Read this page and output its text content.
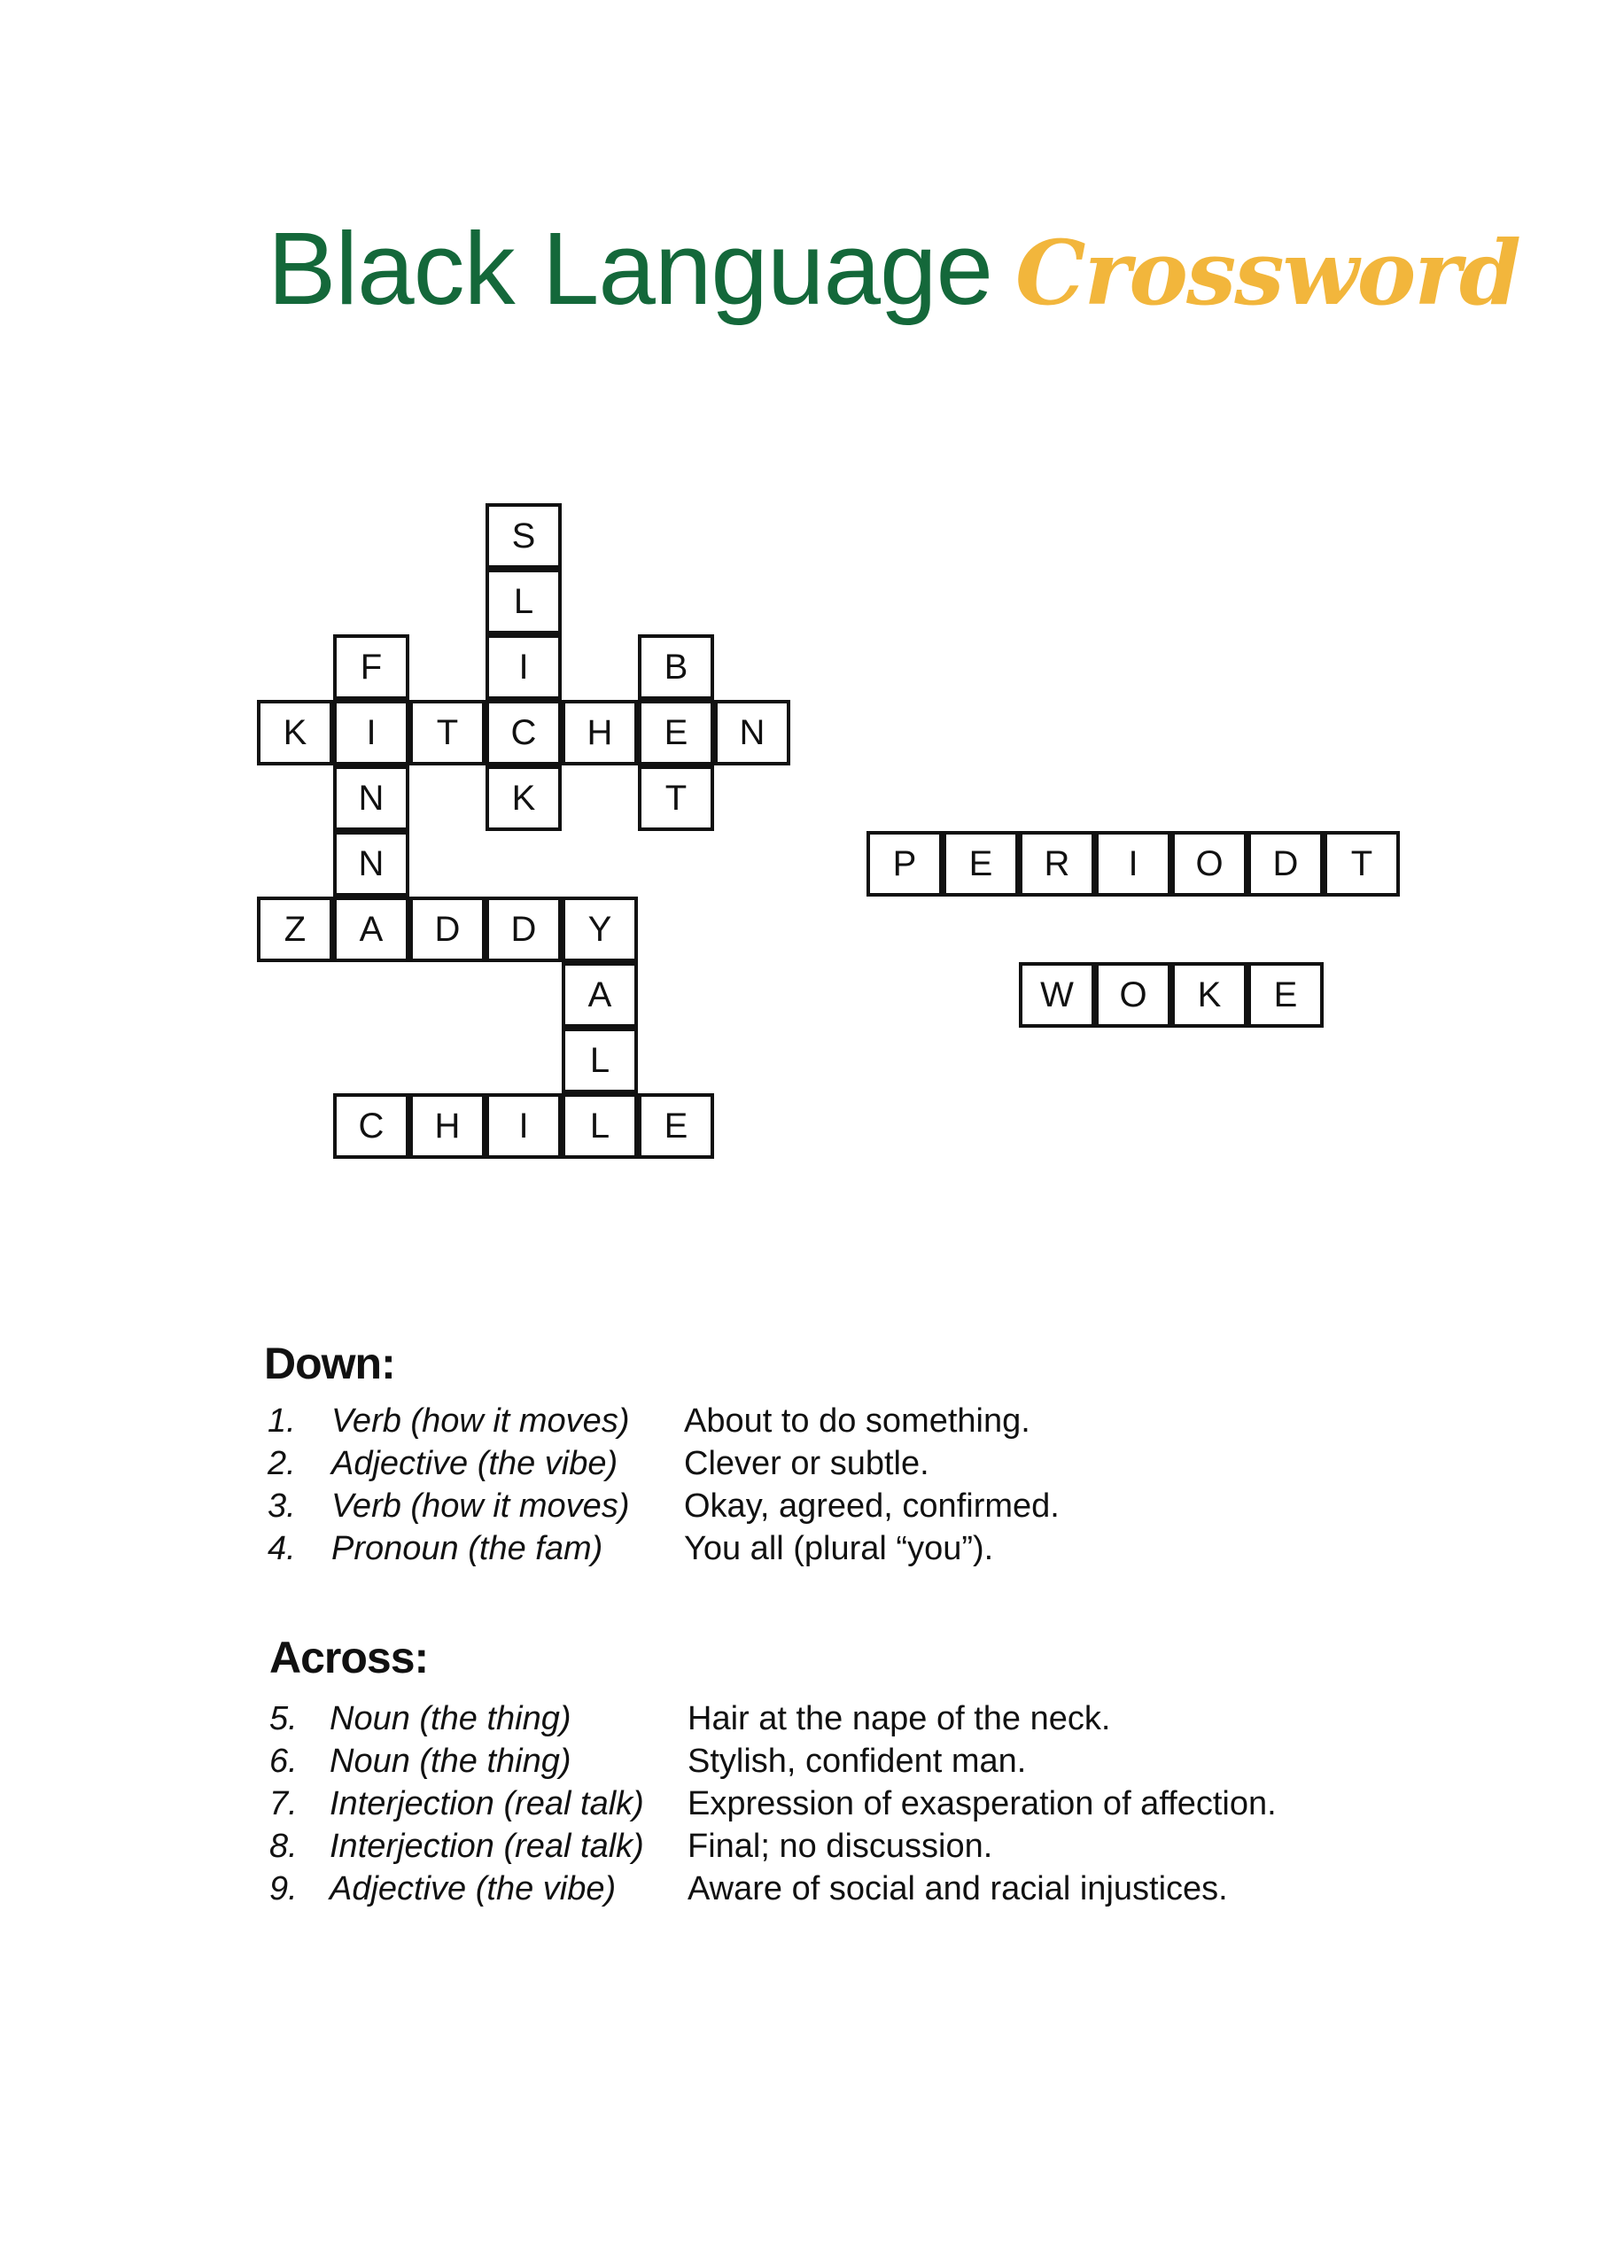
Black Language Crossword
S
L
I
C
K
F
I
N
N
A
B
E
T
Y
A
L
L
K	T	H	N
Z	D	D
C	H	I	E
P	E	R	I	O	D	T
W	O	K	E
Down:
1. Verb (how it moves) About to do something.
2. Adjective (the vibe) Clever or subtle.
3. Verb (how it moves) Okay, agreed, confirmed.
4. Pronoun (the fam) You all (plural “you”).
Across:
5. Noun (the thing)	Hair at the nape of the neck.
6. Noun (the thing)	Stylish, confident man.
7. Interjection (real talk) Expression of exasperation of affection.
8. Interjection (real talk) Final; no discussion.
9. Adjective (the vibe) Aware of social and racial injustices.
